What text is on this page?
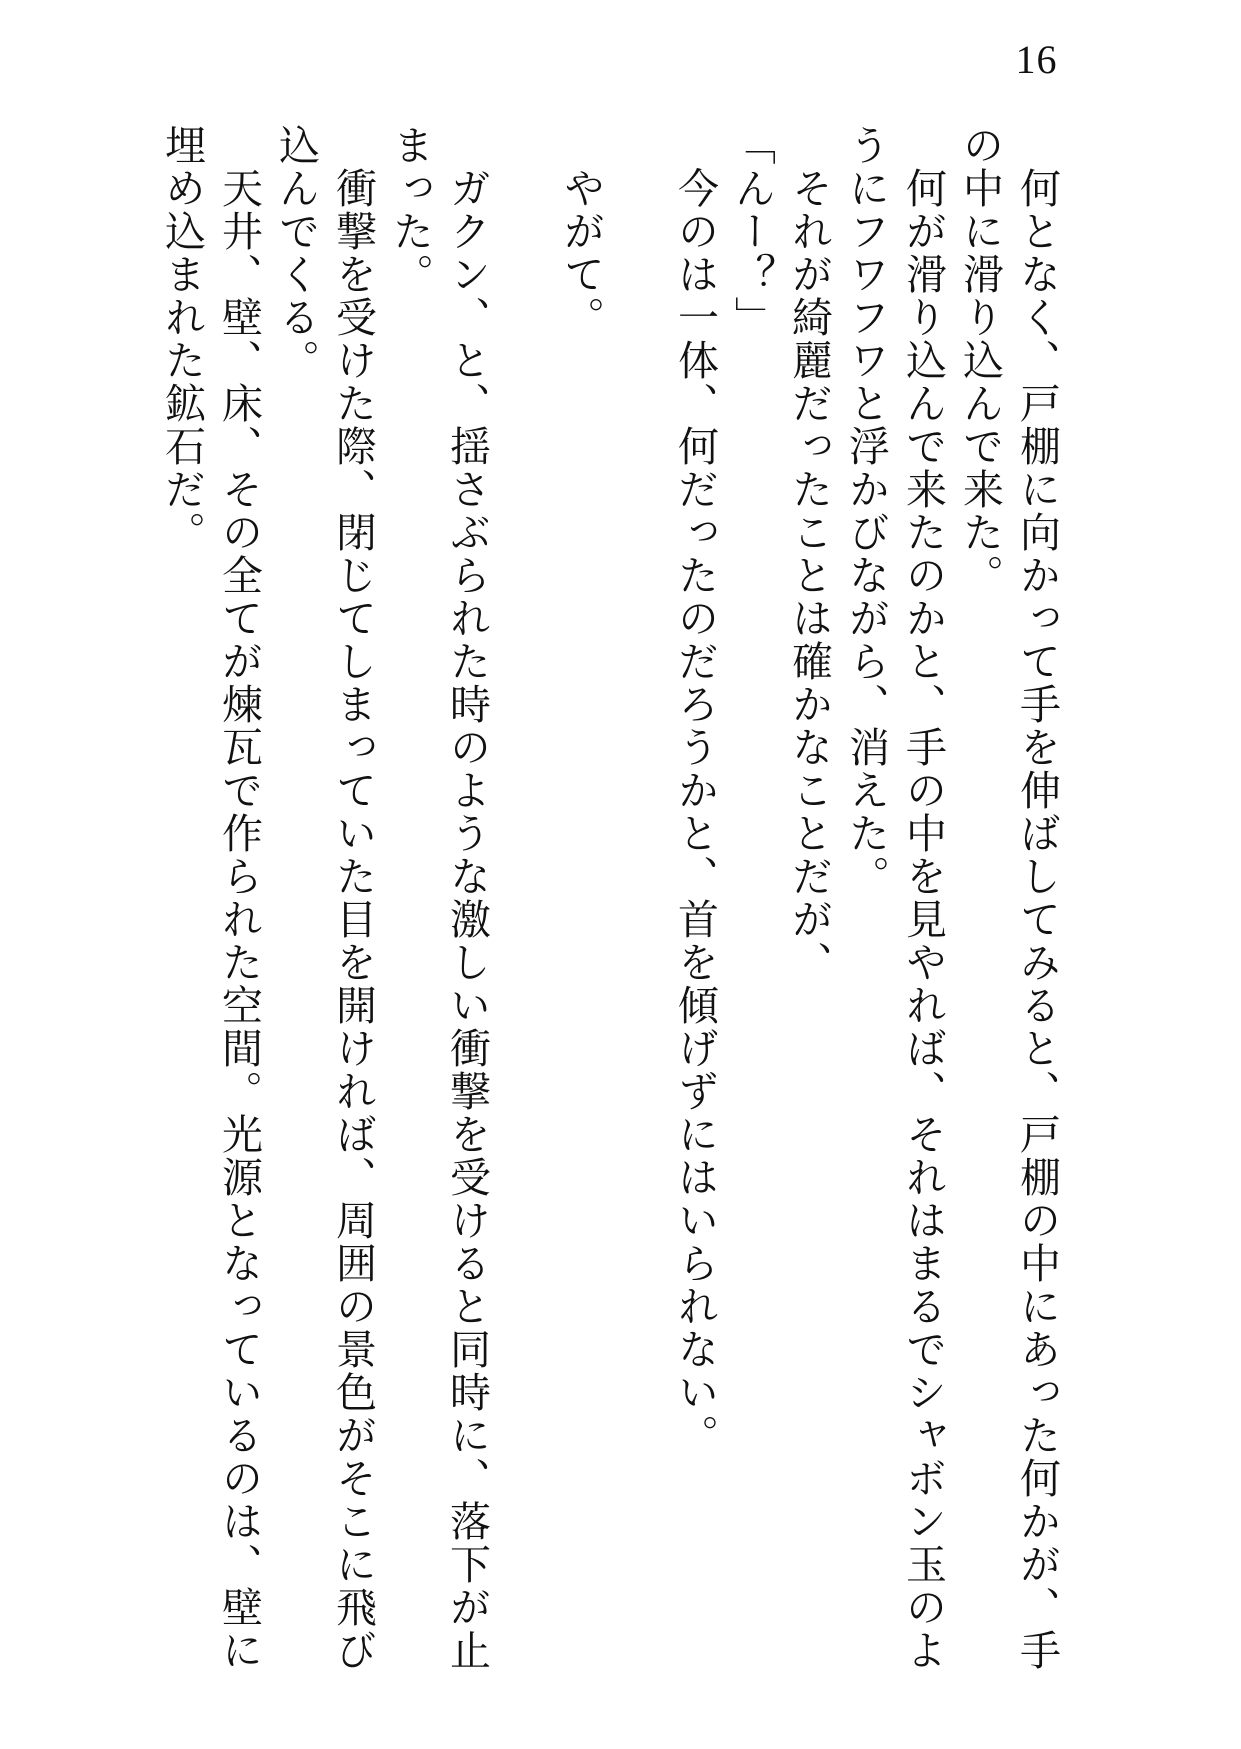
16

何となく、戸棚に向かって手を伸ばしてみると、戸棚の中にあった何かが、手

の中に滑り込んで来た。

何が滑り込んで来たのかと、手の中を見やれば、それはまるでシャボン玉のよ

うにフワフワと浮かびながら、消えた。

それが綺麗だったことは確かなことだが、

「んー？」

今のは一体、何だったのだろうかと、首を傾げずにはいられない。

やがて。

ガクン、と、揺さぶられた時のような激しい衝撃を受けると同時に、落下が止

まった。

衝撃を受けた際、閉じてしまっていた目を開ければ、周囲の景色がそこに飛び

込んでくる。

天井、壁、床、その全てが煉瓦で作られた空間。光源となっているのは、壁に

埋め込まれた鉱石だ。
